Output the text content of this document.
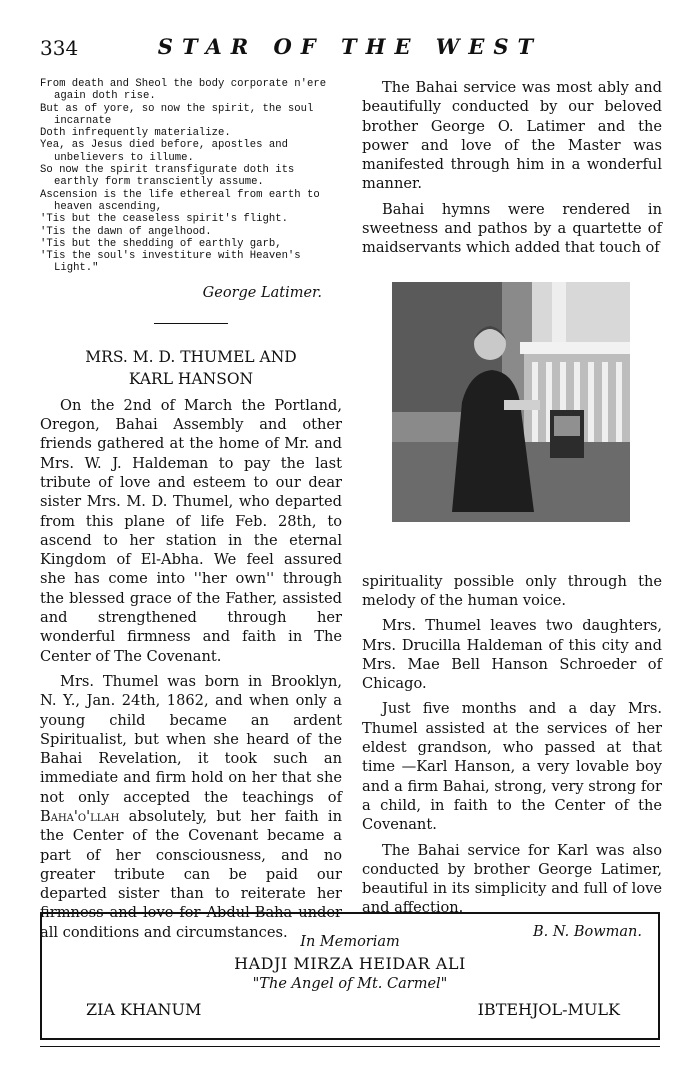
334	STAR OF THE WEST

From death and Sheol the body corporate n'ere again doth rise.

But as of yore, so now the spirit, the soul incarnate

Doth infrequently materialize.

Yea, as Jesus died before, apostles and unbelievers to illume.

So now the spirit transfigurate doth its earthly form transciently assume.

Ascension is the life ethereal from earth to heaven ascending,

'Tis but the ceaseless spirit's flight.

'Tis the dawn of angelhood.

'Tis but the shedding of earthly garb,

'Tis the soul's investiture with Heaven's Light."

George Latimer.
MRS. M. D. THUMEL AND
KARL HANSON

On the 2nd of March the Portland, Oregon, Bahai Assembly and other friends gathered at the home of Mr. and Mrs. W. J. Haldeman to pay the last tribute of love and esteem to our dear sister Mrs. M. D. Thumel, who departed from this plane of life Feb. 28th, to ascend to her station in the eternal Kingdom of El-Abha. We feel assured she has come into ''her own'' through the blessed grace of the Father, assisted and strengthened through her wonderful firmness and faith in The Center of The Covenant.

Mrs. Thumel was born in Brooklyn, N. Y., Jan. 24th, 1862, and when only a young child became an ardent Spiritualist, but when she heard of the Bahai Revelation, it took such an immediate and firm hold on her that she not only accepted the teachings of Baha'o'llah absolutely, but her faith in the Center of the Covenant became a part of her consciousness, and no greater tribute can be paid our departed sister than to reiterate her firmness and love for Abdul-Baha under all conditions and circumstances.

The Bahai service was most ably and beautifully conducted by our beloved brother George O. Latimer and the power and love of the Master was manifested through him in a wonderful manner.

Bahai hymns were rendered in sweetness and pathos by a quartette of maidservants which added that touch of

spirituality possible only through the melody of the human voice.

Mrs. Thumel leaves two daughters, Mrs. Drucilla Haldeman of this city and Mrs. Mae Bell Hanson Schroeder of Chicago.

Just five months and a day Mrs. Thumel assisted at the services of her eldest grandson, who passed at that time —Karl Hanson, a very lovable boy and a firm Bahai, strong, very strong for a child, in faith to the Center of the Covenant.

The Bahai service for Karl was also conducted by brother George Latimer, beautiful in its simplicity and full of love and affection.

B. N. Bowman.
In Memoriam
HADJI MIRZA HEIDAR ALI
"The Angel of Mt. Carmel"
ZIA KHANUM	IBTEHJOL-MULK
